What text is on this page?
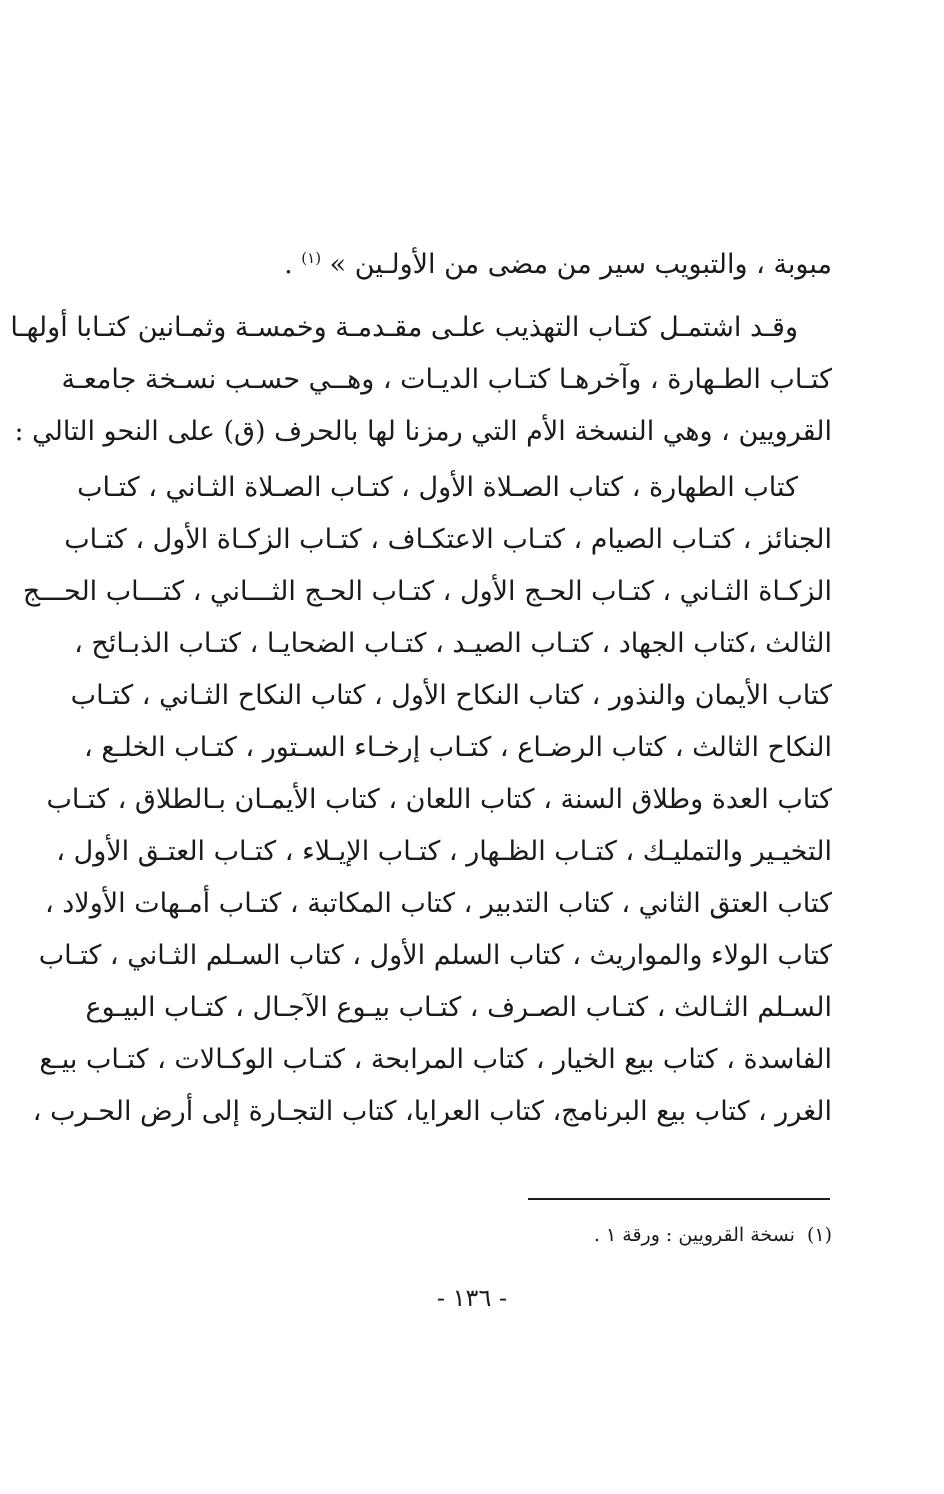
مبوبة ، والتبويب سير من مضى من الأولـين » $^{(١)}$ .
وقـد اشتمـل كتـاب التهذيب علـى مقـدمـة وخمسـة وثمـانين كتـابا أولهـا
كتـاب الطـهارة ، وآخرهـا كتـاب الديـات ، وهــي حسـب نسـخة جامعـة
القرويين ، وهي النسخة الأم التي رمزنا لها بالحرف (ق) على النحو التالي :
كتاب الطهارة ، كتاب الصـلاة الأول ، كتـاب الصـلاة الثـاني ، كتـاب
الجنائز ، كتـاب الصيام ، كتـاب الاعتكـاف ، كتـاب الزكـاة الأول ، كتـاب
الزكـاة الثـاني ، كتـاب الحـج الأول ، كتـاب الحـج الثـــاني ، كتـــاب الحـــج
الثالث ،كتاب الجهاد ، كتـاب الصيـد ، كتـاب الضحايـا ، كتـاب الذبـائح ،
كتاب الأيمان والنذور ، كتاب النكاح الأول ، كتاب النكاح الثـاني ، كتـاب
النكاح الثالث ، كتاب الرضـاع ، كتـاب إرخـاء السـتور ، كتـاب الخلـع ،
كتاب العدة وطلاق السنة ، كتاب اللعان ، كتاب الأيمـان بـالطلاق ، كتـاب
التخيـير والتمليـك ، كتـاب الظـهار ، كتـاب الإيـلاء ، كتـاب العتـق الأول ،
كتاب العتق الثاني ، كتاب التدبير ، كتاب المكاتبة ، كتـاب أمـهات الأولاد ،
كتاب الولاء والمواريث ، كتاب السلم الأول ، كتاب السـلم الثـاني ، كتـاب
السـلم الثـالث ، كتـاب الصـرف ، كتـاب بيـوع الآجـال ، كتـاب البيـوع
الفاسدة ، كتاب بيع الخيار ، كتاب المرابحة ، كتـاب الوكـالات ، كتـاب بيـع
الغرر ، كتاب بيع البرنامج، كتاب العرايا، كتاب التجـارة إلى أرض الحـرب ،
(١)نسخة القرويين : ورقة ١ .
- ١٣٦ -
